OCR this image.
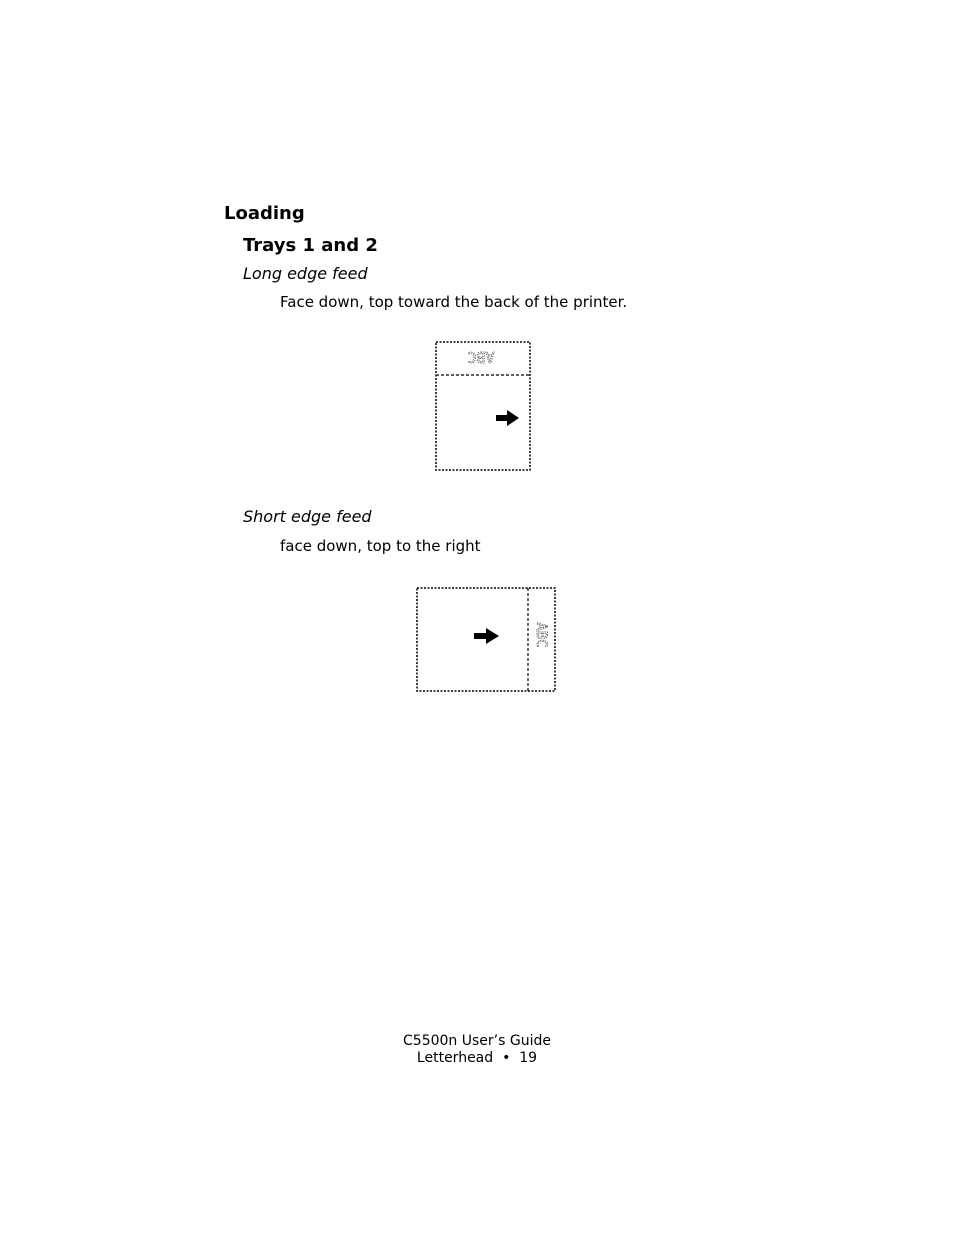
Loading
Trays 1 and 2
Long edge feed
Face down, top toward the back of the printer.
ABC
Short edge feed
face down, top to the right
ABC
C5500n User’s Guide
Letterhead • 19
